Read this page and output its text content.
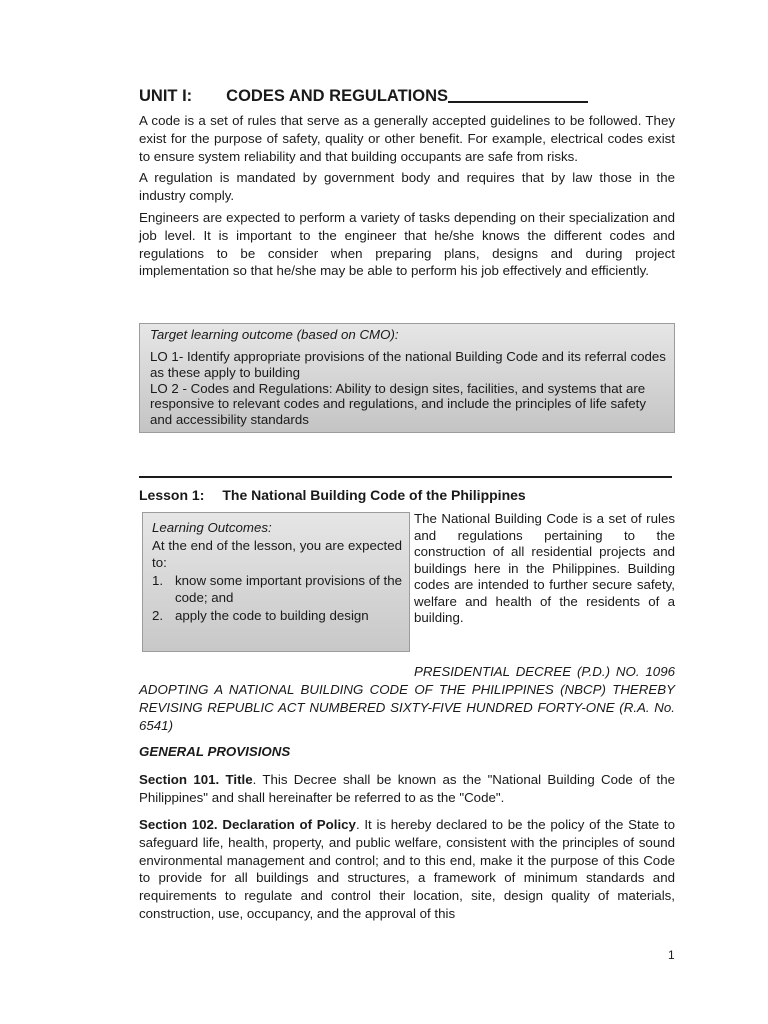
UNIT I: CODES AND REGULATIONS

A code is a set of rules that serve as a generally accepted guidelines to be followed. They exist for the purpose of safety, quality or other benefit. For example, electrical codes exist to ensure system reliability and that building occupants are safe from risks.

A regulation is mandated by government body and requires that by law those in the industry comply.

Engineers are expected to perform a variety of tasks depending on their specialization and job level. It is important to the engineer that he/she knows the different codes and regulations to be consider when preparing plans, designs and during project implementation so that he/she may be able to perform his job effectively and efficiently.

Target learning outcome (based on CMO):

LO 1- Identify appropriate provisions of the national Building Code and its referral codes as these apply to building

LO 2 - Codes and Regulations: Ability to design sites, facilities, and systems that are responsive to relevant codes and regulations, and include the principles of life safety and accessibility standards

Lesson 1: The National Building Code of the Philippines

Learning Outcomes:

At the end of the lesson, you are expected to:

1. know some important provisions of the code; and
2. apply the code to building design

The National Building Code is a set of rules and regulations pertaining to the construction of all residential projects and buildings here in the Philippines. Building codes are intended to further secure safety, welfare and health of the residents of a building.

PRESIDENTIAL DECREE (P.D.) NO. 1096 ADOPTING A NATIONAL BUILDING CODE OF THE PHILIPPINES (NBCP) THEREBY REVISING REPUBLIC ACT NUMBERED SIXTY-FIVE HUNDRED FORTY-ONE (R.A. No. 6541)
GENERAL PROVISIONS

Section 101. Title. This Decree shall be known as the "National Building Code of the Philippines" and shall hereinafter be referred to as the "Code".

Section 102. Declaration of Policy. It is hereby declared to be the policy of the State to safeguard life, health, property, and public welfare, consistent with the principles of sound environmental management and control; and to this end, make it the purpose of this Code to provide for all buildings and structures, a framework of minimum standards and requirements to regulate and control their location, site, design quality of materials, construction, use, occupancy, and the approval of this

1
